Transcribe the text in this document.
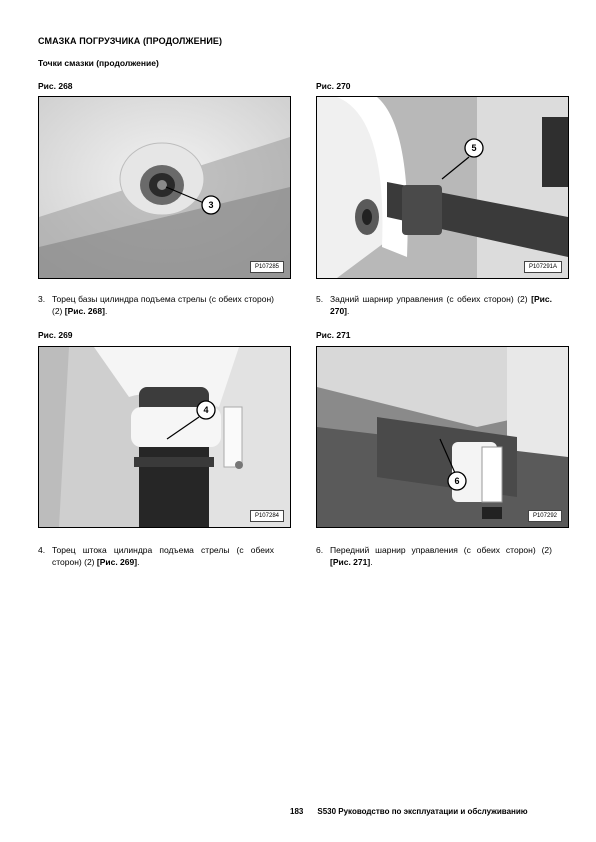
СМАЗКА ПОГРУЗЧИКА (ПРОДОЛЖЕНИЕ)
Точки смазки (продолжение)
Рис. 268
3
P107285
Рис. 270
5
P107291A
3. Торец базы цилиндра подъема стрелы (с обеих сторон) (2) [Рис. 268].
5. Задний шарнир управления (с обеих сторон) (2) [Рис. 270].
Рис. 269
4
P107284
Рис. 271
6
P107292
4. Торец штока цилиндра подъема стрелы (с обеих сторон) (2) [Рис. 269].
6. Передний шарнир управления (с обеих сторон) (2) [Рис. 271].
183 S530 Руководство по эксплуатации и обслуживанию
